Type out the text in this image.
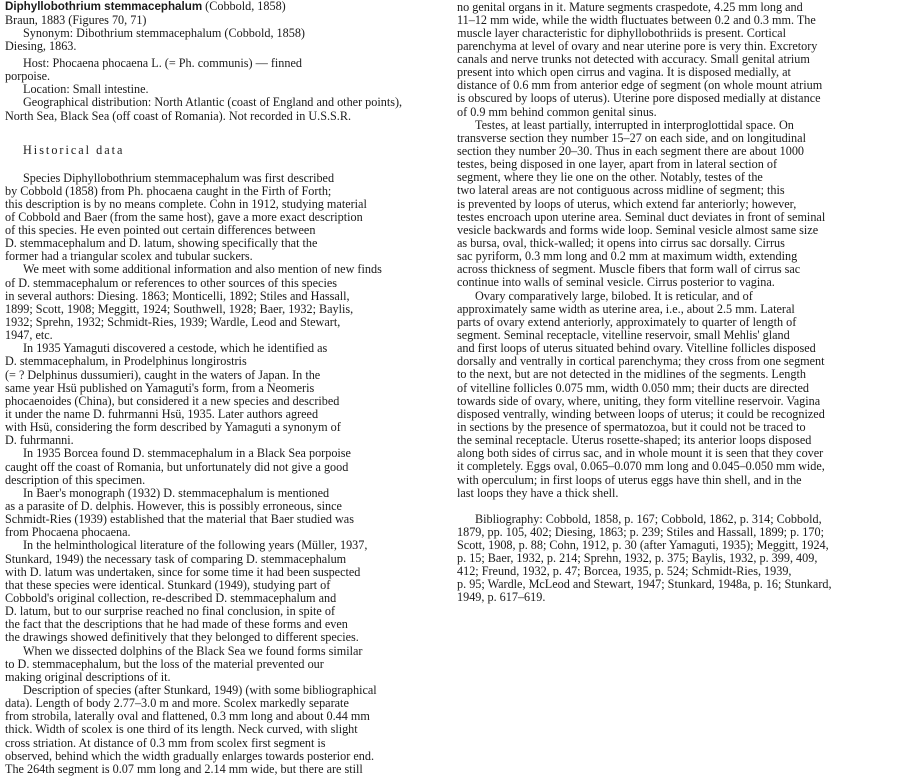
Diphyllobothrium stemmacephalum (Cobbold, 1858)
Braun, 1883 (Figures 70, 71)
Synonym: Dibothrium stemmacephalum (Cobbold, 1858)
Diesing, 1863.
Host: Phocaena phocaena L. (= Ph. communis) — finned
porpoise.
Location: Small intestine.
Geographical distribution: North Atlantic (coast of England and other points),
North Sea, Black Sea (off coast of Romania). Not recorded in U.S.S.R.
Historical data
Species Diphyllobothrium stemmacephalum was first described
by Cobbold (1858) from Ph. phocaena caught in the Firth of Forth;
this description is by no means complete. Cohn in 1912, studying material
of Cobbold and Baer (from the same host), gave a more exact description
of this species. He even pointed out certain differences between
D. stemmacephalum and D. latum, showing specifically that the
former had a triangular scolex and tubular suckers.
We meet with some additional information and also mention of new finds
of D. stemmacephalum or references to other sources of this species
in several authors: Diesing. 1863; Monticelli, 1892; Stiles and Hassall,
1899; Scott, 1908; Meggitt, 1924; Southwell, 1928; Baer, 1932; Baylis,
1932; Sprehn, 1932; Schmidt-Ries, 1939; Wardle, Leod and Stewart,
1947, etc.
In 1935 Yamaguti discovered a cestode, which he identified as
D. stemmacephalum, in Prodelphinus longirostris
(= ? Delphinus dussumieri), caught in the waters of Japan. In the
same year Hsü published on Yamaguti's form, from a Neomeris
phocaenoides (China), but considered it a new species and described
it under the name D. fuhrmanni Hsü, 1935. Later authors agreed
with Hsü, considering the form described by Yamaguti a synonym of
D. fuhrmanni.
In 1935 Borcea found D. stemmacephalum in a Black Sea porpoise
caught off the coast of Romania, but unfortunately did not give a good
description of this specimen.
In Baer's monograph (1932) D. stemmacephalum is mentioned
as a parasite of D. delphis. However, this is possibly erroneous, since
Schmidt-Ries (1939) established that the material that Baer studied was
from Phocaena phocaena.
In the helminthological literature of the following years (Müller, 1937,
Stunkard, 1949) the necessary task of comparing D. stemmacephalum
with D. latum was undertaken, since for some time it had been suspected
that these species were identical. Stunkard (1949), studying part of
Cobbold's original collection, re-described D. stemmacephalum and
D. latum, but to our surprise reached no final conclusion, in spite of
the fact that the descriptions that he had made of these forms and even
the drawings showed definitively that they belonged to different species.
When we dissected dolphins of the Black Sea we found forms similar
to D. stemmacephalum, but the loss of the material prevented our
making original descriptions of it.
Description of species (after Stunkard, 1949) (with some bibliographical
data). Length of body 2.77–3.0 m and more. Scolex markedly separate
from strobila, laterally oval and flattened, 0.3 mm long and about 0.44 mm
thick. Width of scolex is one third of its length. Neck curved, with slight
cross striation. At distance of 0.3 mm from scolex first segment is
observed, behind which the width gradually enlarges towards posterior end.
The 264th segment is 0.07 mm long and 2.14 mm wide, but there are still
no genital organs in it. Mature segments craspedote, 4.25 mm long and
11–12 mm wide, while the width fluctuates between 0.2 and 0.3 mm. The
muscle layer characteristic for diphyllobothriids is present. Cortical
parenchyma at level of ovary and near uterine pore is very thin. Excretory
canals and nerve trunks not detected with accuracy. Small genital atrium
present into which open cirrus and vagina. It is disposed medially, at
distance of 0.6 mm from anterior edge of segment (on whole mount atrium
is obscured by loops of uterus). Uterine pore disposed medially at distance
of 0.9 mm behind common genital sinus.
Testes, at least partially, interrupted in interproglottidal space. On
transverse section they number 15–27 on each side, and on longitudinal
section they number 20–30. Thus in each segment there are about 1000
testes, being disposed in one layer, apart from in lateral section of
segment, where they lie one on the other. Notably, testes of the
two lateral areas are not contiguous across midline of segment; this
is prevented by loops of uterus, which extend far anteriorly; however,
testes encroach upon uterine area. Seminal duct deviates in front of seminal
vesicle backwards and forms wide loop. Seminal vesicle almost same size
as bursa, oval, thick-walled; it opens into cirrus sac dorsally. Cirrus
sac pyriform, 0.3 mm long and 0.2 mm at maximum width, extending
across thickness of segment. Muscle fibers that form wall of cirrus sac
continue into walls of seminal vesicle. Cirrus posterior to vagina.
Ovary comparatively large, bilobed. It is reticular, and of
approximately same width as uterine area, i.e., about 2.5 mm. Lateral
parts of ovary extend anteriorly, approximately to quarter of length of
segment. Seminal receptacle, vitelline reservoir, small Mehlis' gland
and first loops of uterus situated behind ovary. Vitelline follicles disposed
dorsally and ventrally in cortical parenchyma; they cross from one segment
to the next, but are not detected in the midlines of the segments. Length
of vitelline follicles 0.075 mm, width 0.050 mm; their ducts are directed
towards side of ovary, where, uniting, they form vitelline reservoir. Vagina
disposed ventrally, winding between loops of uterus; it could be recognized
in sections by the presence of spermatozoa, but it could not be traced to
the seminal receptacle. Uterus rosette-shaped; its anterior loops disposed
along both sides of cirrus sac, and in whole mount it is seen that they cover
it completely. Eggs oval, 0.065–0.070 mm long and 0.045–0.050 mm wide,
with operculum; in first loops of uterus eggs have thin shell, and in the
last loops they have a thick shell.
Bibliography: Cobbold, 1858, p. 167; Cobbold, 1862, p. 314; Cobbold,
1879, pp. 105, 402; Diesing, 1863; p. 239; Stiles and Hassall, 1899; p. 170;
Scott, 1908, p. 88; Cohn, 1912, p. 30 (after Yamaguti, 1935); Meggitt, 1924,
p. 15; Baer, 1932, p. 214; Sprehn, 1932, p. 375; Baylis, 1932, p. 399, 409,
412; Freund, 1932, p. 47; Borcea, 1935, p. 524; Schmidt-Ries, 1939,
p. 95; Wardle, McLeod and Stewart, 1947; Stunkard, 1948a, p. 16; Stunkard,
1949, p. 617–619.
